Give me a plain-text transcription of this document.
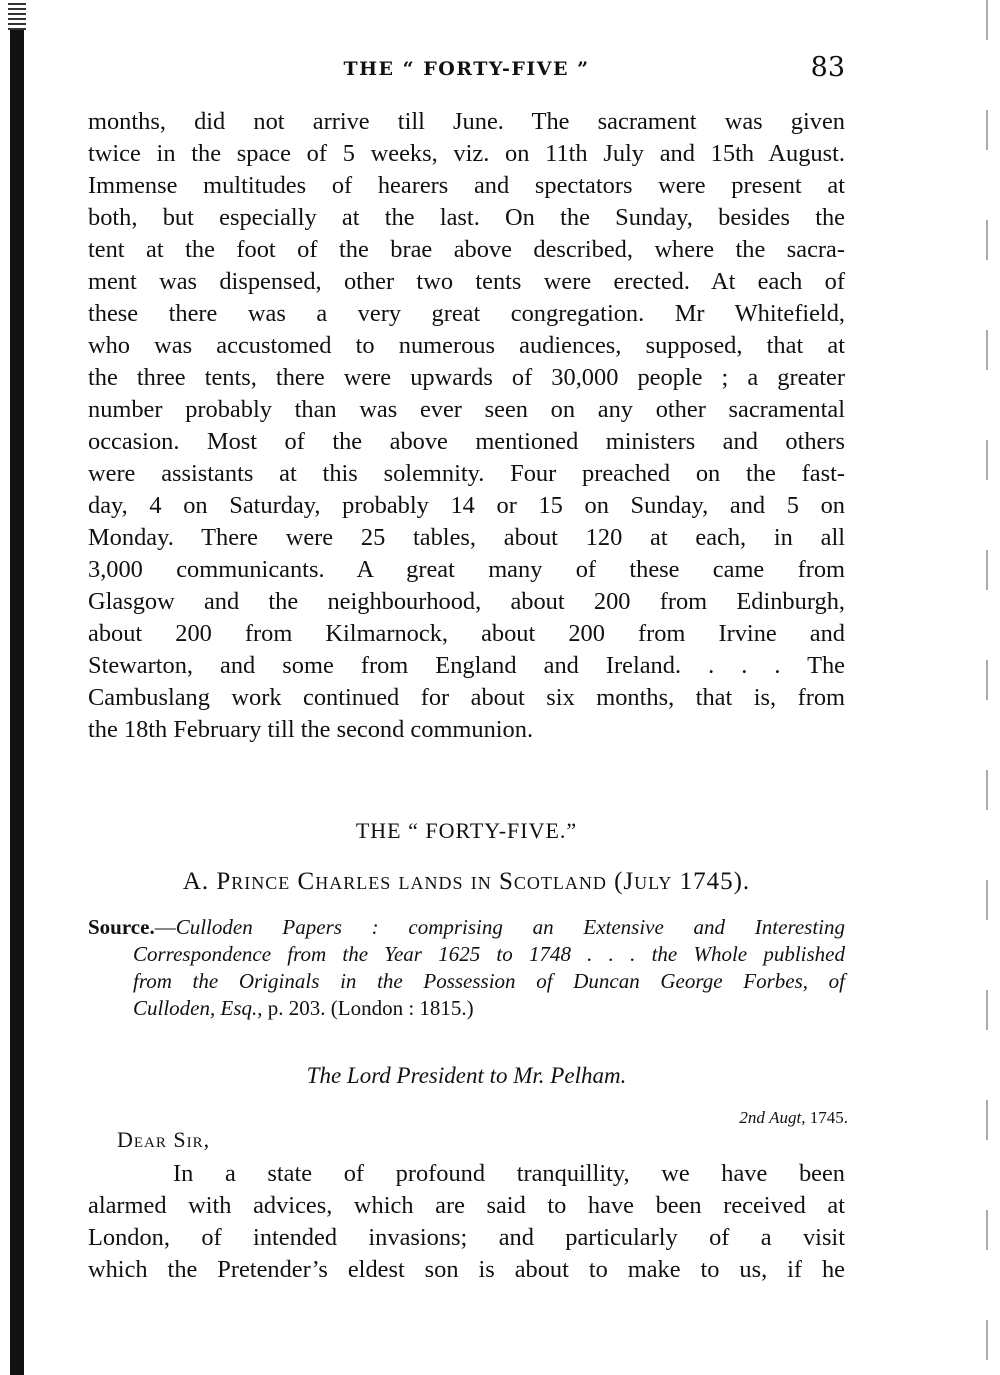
THE “ FORTY-FIVE ”	83
months, did not arrive till June. The sacrament was given
twice in the space of 5 weeks, viz. on 11th July and 15th August.
Immense multitudes of hearers and spectators were present at
both, but especially at the last. On the Sunday, besides the
tent at the foot of the brae above described, where the sacra-
ment was dispensed, other two tents were erected. At each of
these there was a very great congregation. Mr Whitefield,
who was accustomed to numerous audiences, supposed, that at
the three tents, there were upwards of 30,000 people ; a greater
number probably than was ever seen on any other sacramental
occasion. Most of the above mentioned ministers and others
were assistants at this solemnity. Four preached on the fast-
day, 4 on Saturday, probably 14 or 15 on Sunday, and 5 on
Monday. There were 25 tables, about 120 at each, in all
3,000 communicants. A great many of these came from
Glasgow and the neighbourhood, about 200 from Edinburgh,
about 200 from Kilmarnock, about 200 from Irvine and
Stewarton, and some from England and Ireland. . . . The
Cambuslang work continued for about six months, that is, from
the 18th February till the second communion.
THE “ FORTY-FIVE.”
A. Prince Charles lands in Scotland (July 1745).
Source.—Culloden Papers : comprising an Extensive and Interesting
Correspondence from the Year 1625 to 1748 . . . the Whole published
from the Originals in the Possession of Duncan George Forbes, of
Culloden, Esq., p. 203. (London : 1815.)
The Lord President to Mr. Pelham.
2nd Augt, 1745.
Dear Sir,
In a state of profound tranquillity, we have been
alarmed with advices, which are said to have been received at
London, of intended invasions; and particularly of a visit
which the Pretender’s eldest son is about to make to us, if he
